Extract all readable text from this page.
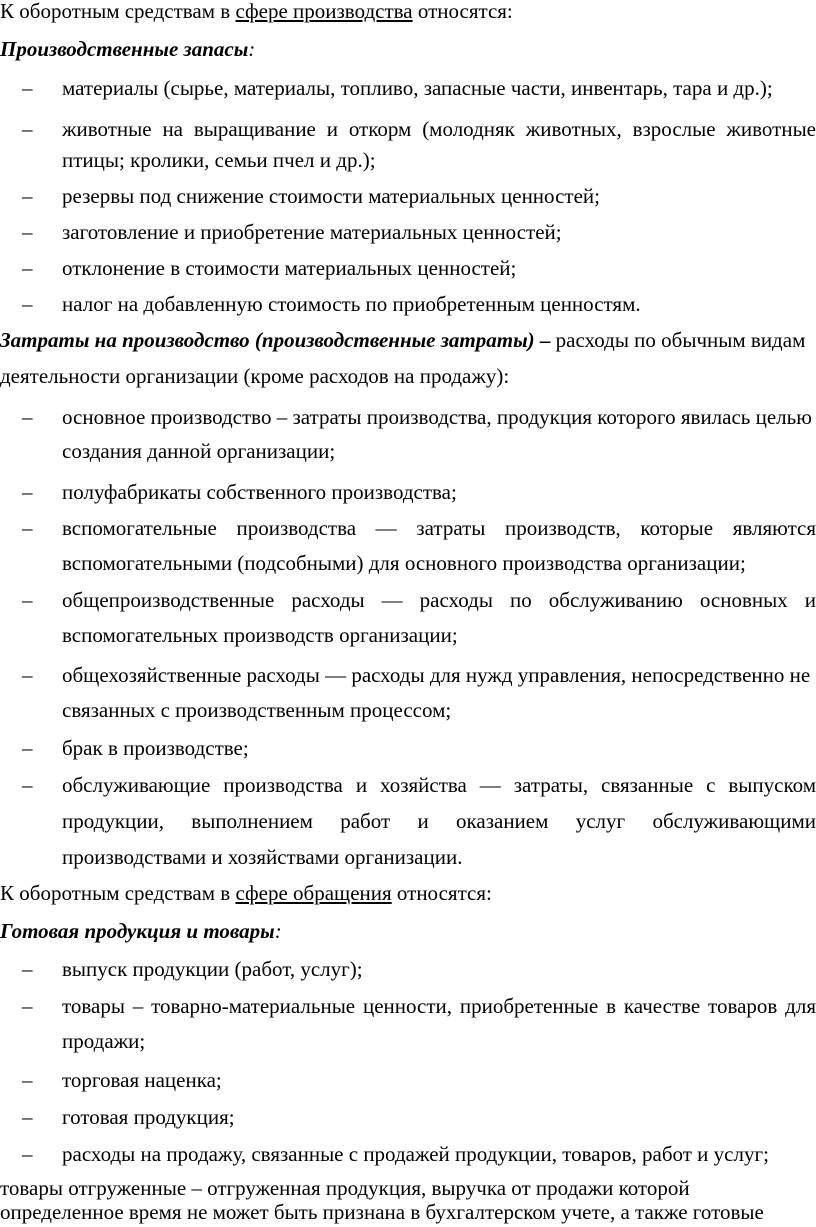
К оборотным средствам в сфере производства относятся:
Производственные запасы:
– материалы (сырье, материалы, топливо, запасные части, инвентарь, тара и др.);
– животные на выращивание и откорм (молодняк животных, взрослые животные
птицы; кролики, семьи пчел и др.);
– резервы под снижение стоимости материальных ценностей;
– заготовление и приобретение материальных ценностей;
– отклонение в стоимости материальных ценностей;
– налог на добавленную стоимость по приобретенным ценностям.
Затраты на производство (производственные затраты) – расходы по обычным видам
деятельности организации (кроме расходов на продажу):
– основное производство – затраты производства, продукция которого явилась целью
создания данной организации;
– полуфабрикаты собственного производства;
– вспомогательные производства — затраты производств, которые являются
вспомогательными (подсобными) для основного производства организации;
– общепроизводственные расходы — расходы по обслуживанию основных и
вспомогательных производств организации;
– общехозяйственные расходы — расходы для нужд управления, непосредственно не
связанных с производственным процессом;
– брак в производстве;
– обслуживающие производства и хозяйства — затраты, связанные с выпуском
продукции, выполнением работ и оказанием услуг обслуживающими
производствами и хозяйствами организации.
К оборотным средствам в сфере обращения относятся:
Готовая продукция и товары:
– выпуск продукции (работ, услуг);
– товары – товарно-материальные ценности, приобретенные в качестве товаров для
продажи;
– торговая наценка;
– готовая продукция;
– расходы на продажу, связанные с продажей продукции, товаров, работ и услуг;
товары отгруженные – отгруженная продукция, выручка от продажи которой
определенное время не может быть признана в бухгалтерском учете, а также готовые
